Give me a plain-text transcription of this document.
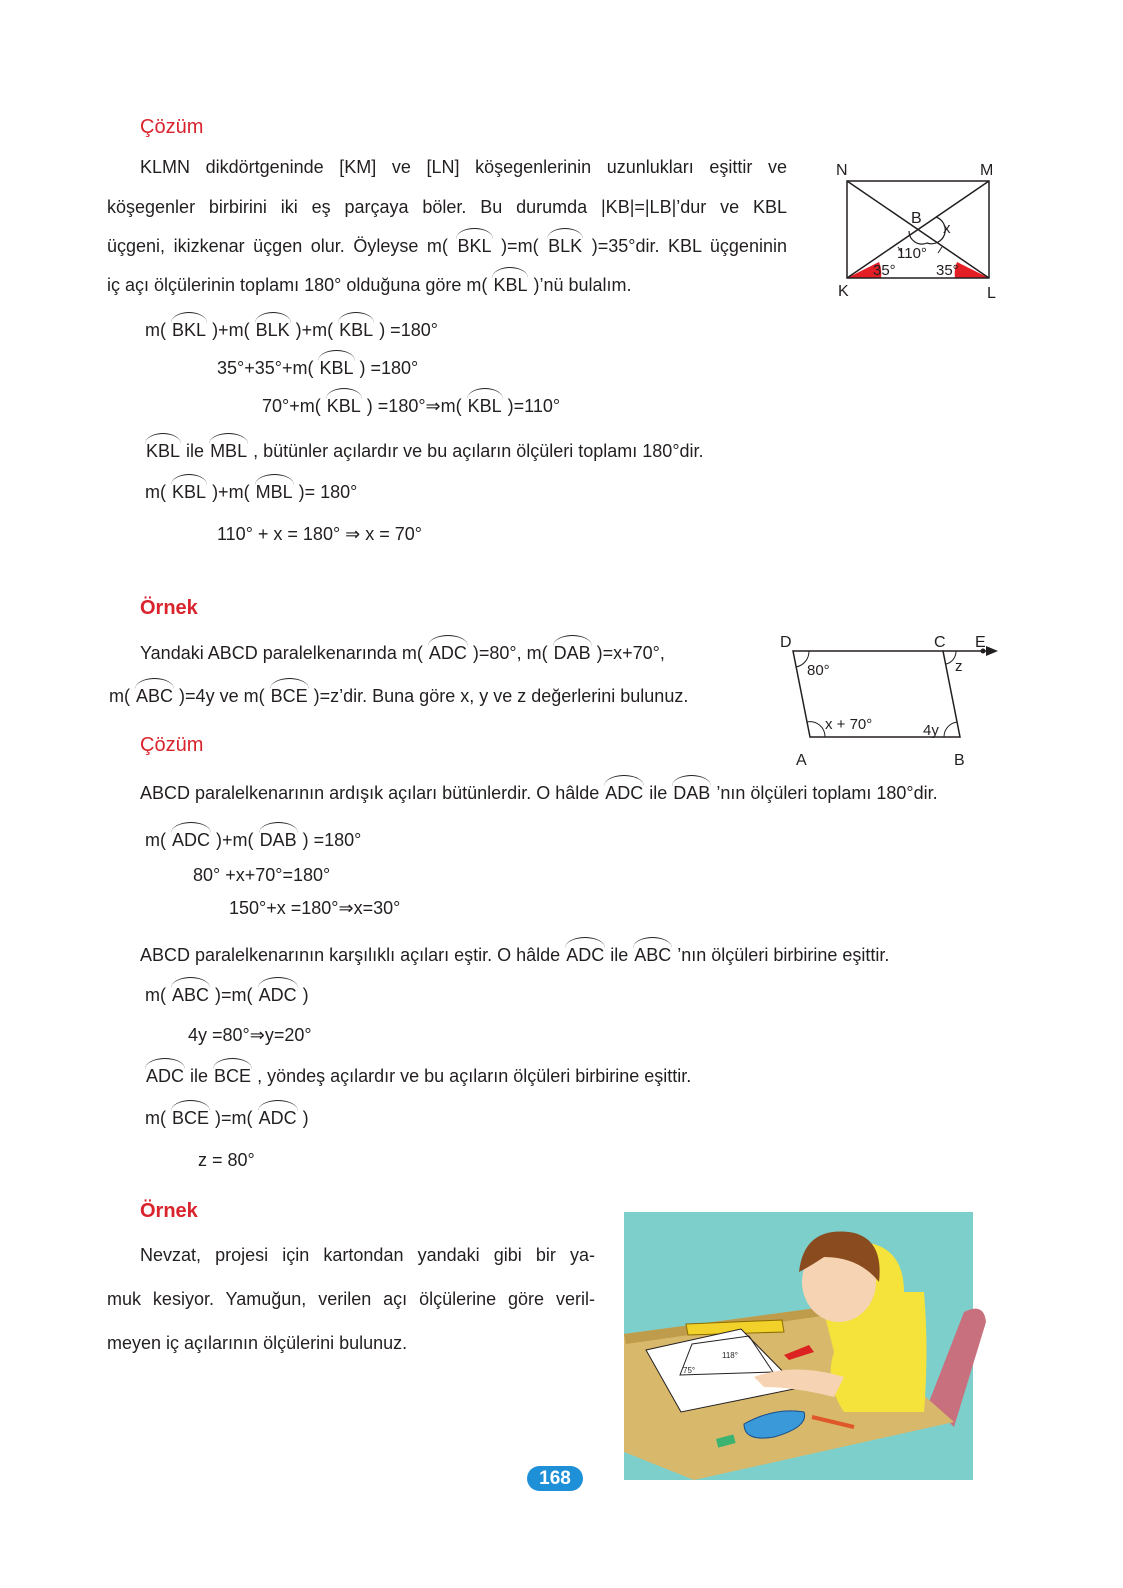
Çözüm
KLMN dikdörtgeninde [KM] ve [LN] köşegenlerinin uzunlukları eşittir ve
köşegenler birbirini iki eş parçaya böler. Bu durumda |KB|=|LB|’dur ve KBL
üçgeni, ikizkenar üçgen olur. Öyleyse m( BKL )=m( BLK )=35°dir. KBL üçgeninin
iç açı ölçülerinin toplamı 180° olduğuna göre m( KBL )’nü bulalım.
m( BKL )+m( BLK )+m( KBL ) =180°
35°+35°+m( KBL ) =180°
70°+m( KBL ) =180°⇒m( KBL )=110°
KBL ile MBL , bütünler açılardır ve bu açıların ölçüleri toplamı 180°dir.
m( KBL )+m( MBL )= 180°
110° + x = 180° ⇒ x = 70°
Örnek
Yandaki ABCD paralelkenarında m( ADC )=80°, m( DAB )=x+70°,
m( ABC )=4y ve m( BCE )=z’dir. Buna göre x, y ve z değerlerini bulunuz.
Çözüm
ABCD paralelkenarının ardışık açıları bütünlerdir. O hâlde ADC ile DAB ’nın ölçüleri toplamı 180°dir.
m( ADC )+m( DAB ) =180°
80° +x+70°=180°
150°+x =180°⇒x=30°
ABCD paralelkenarının karşılıklı açıları eştir. O hâlde ADC ile ABC ’nın ölçüleri birbirine eşittir.
m( ABC )=m( ADC )
4y =80°⇒y=20°
ADC ile BCE , yöndeş açılardır ve bu açıların ölçüleri birbirine eşittir.
m( BCE )=m( ADC )
z = 80°
Örnek
Nevzat, projesi için kartondan yandaki gibi bir ya-
muk kesiyor. Yamuğun, verilen açı ölçülerine göre veril-
meyen iç açılarının ölçülerini bulunuz.
N	M
K	L
B
x
110°
35°	35°
D	C E
A	B
80°	z
x + 70°	4y
118°
75°
168
